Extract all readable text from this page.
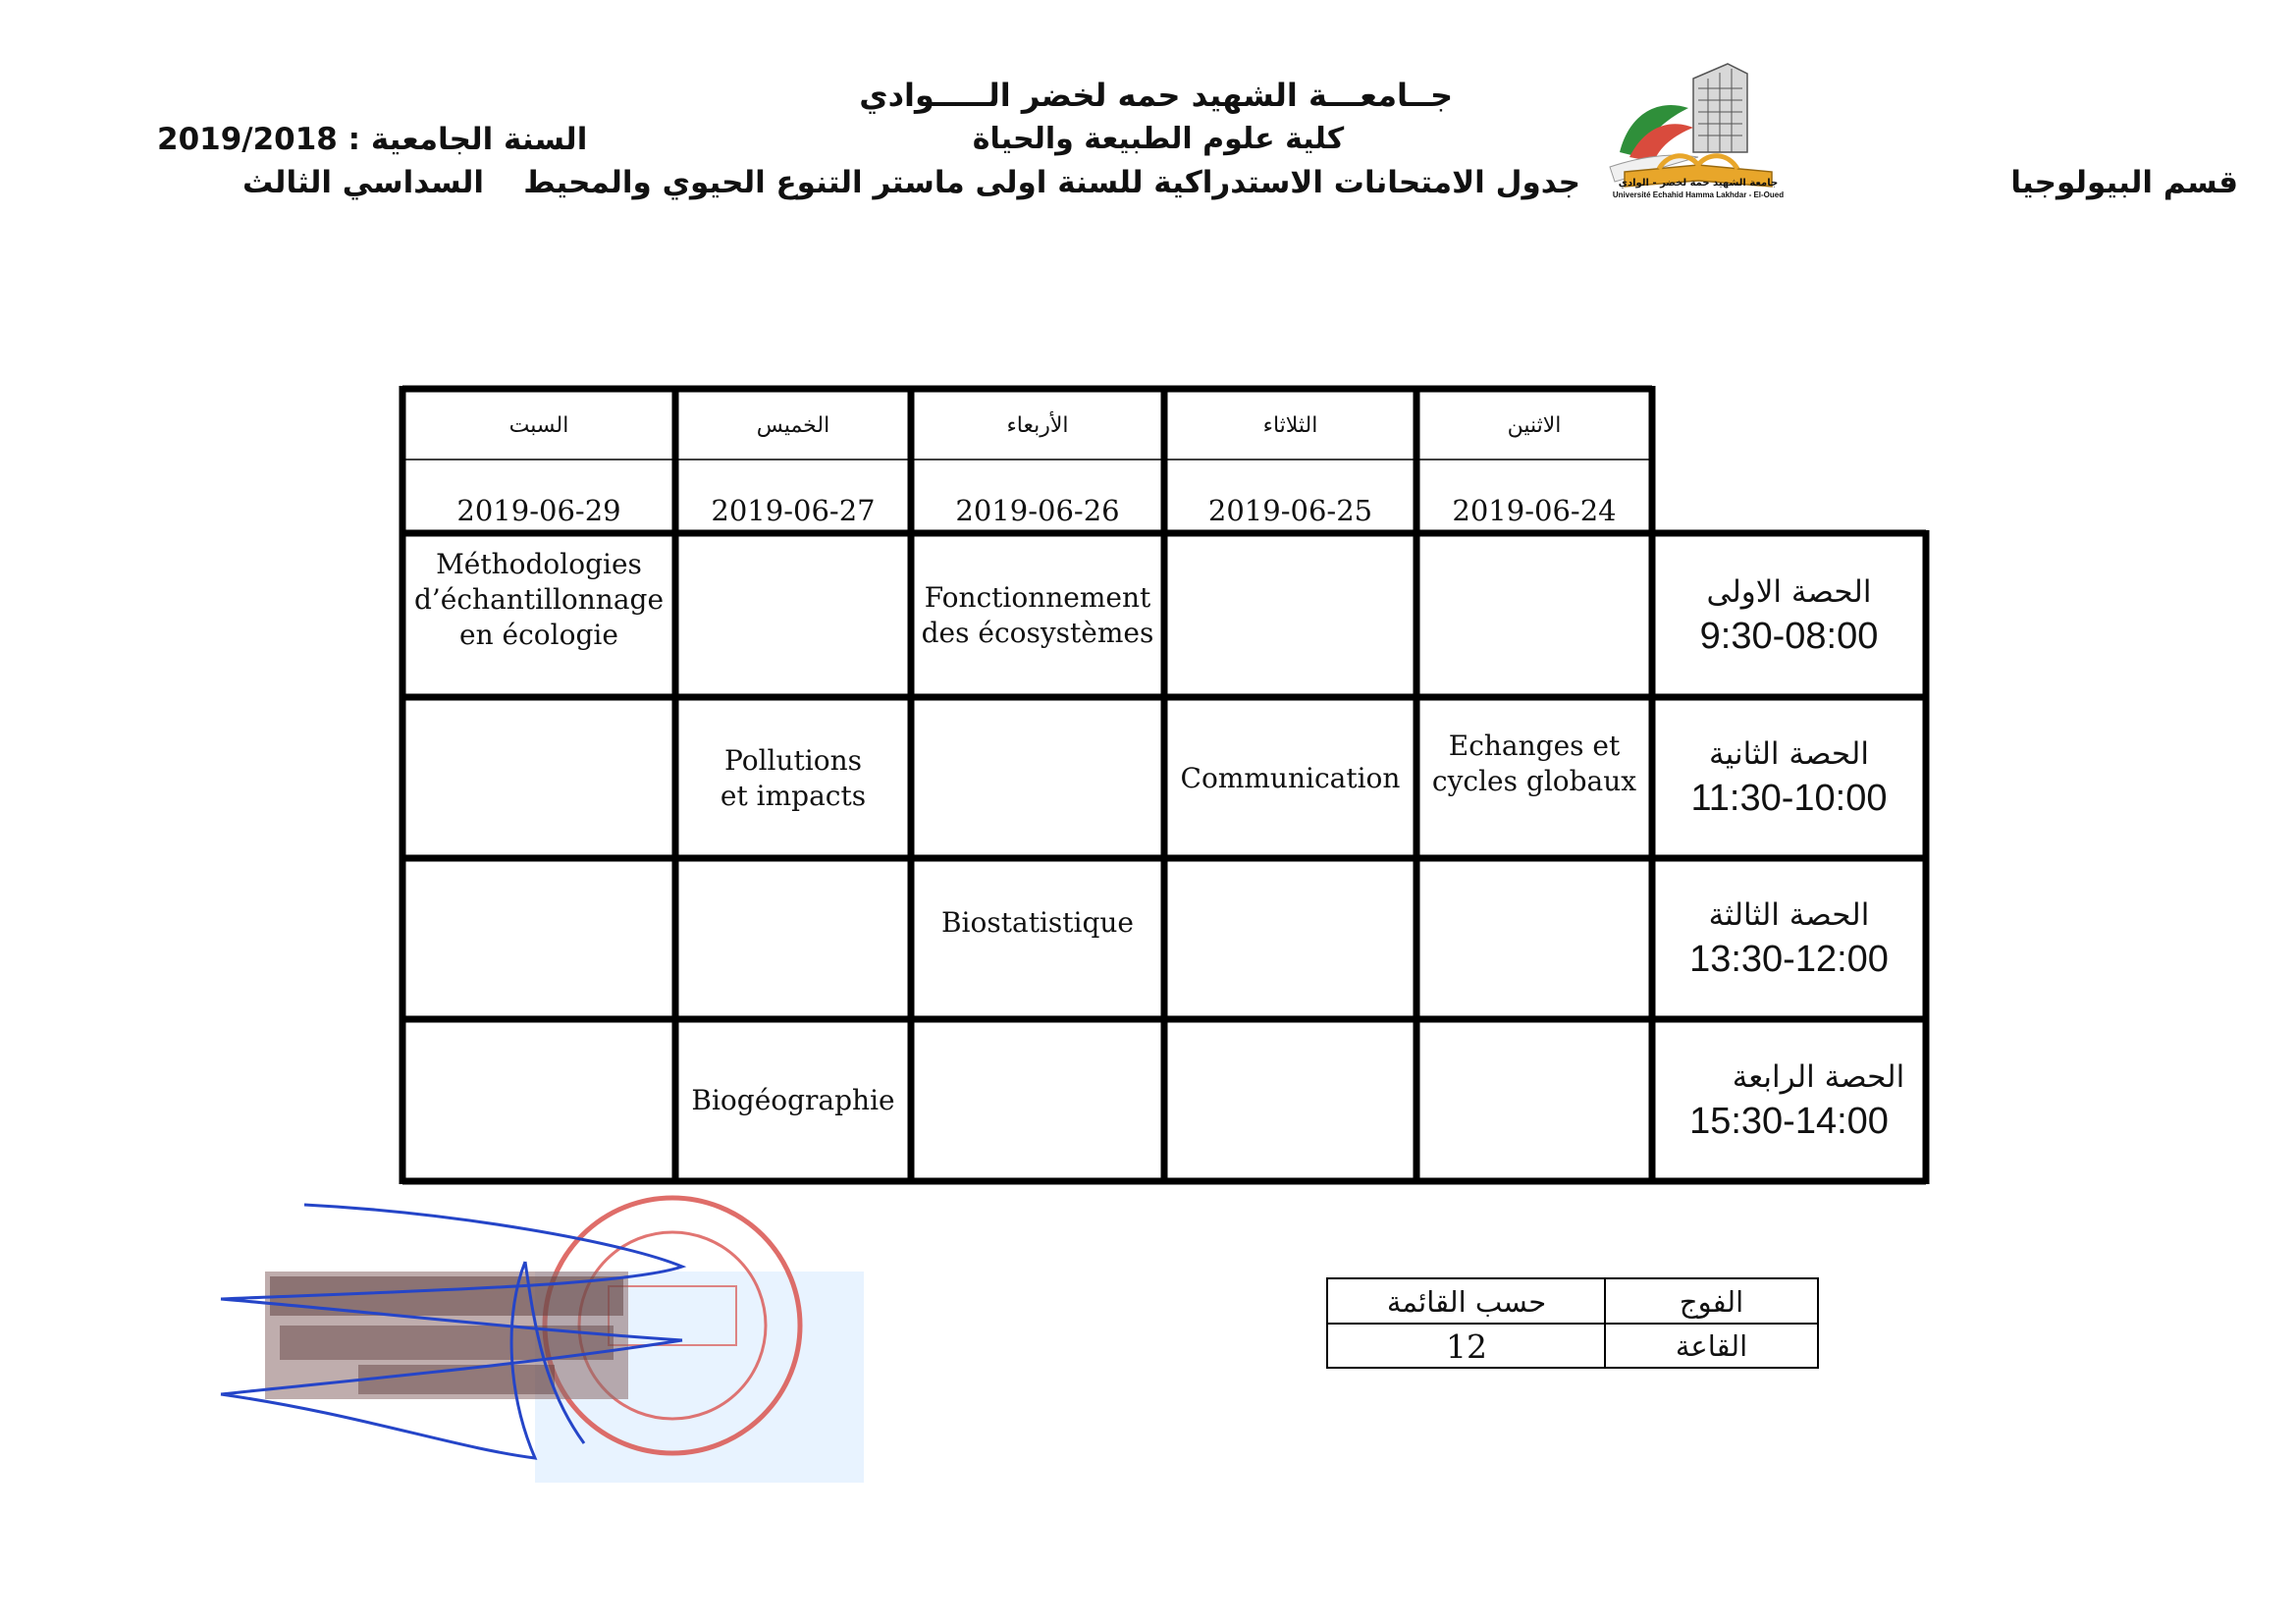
جــامعـــة الشهيد حمه لخضر الـــــوادي
كلية علوم الطبيعة والحياة
جدول الامتحانات الاستدراكية للسنة اولى ماستر التنوع الحيوي والمحيط	قسم البيولوجيا
السنة الجامعية : 2019/2018
السداسي الثالث	جامعة الشهيد حمة لخضر - الوادي
Université Echahid Hamma Lakhdar - El-Oued
الاثنين
الثلاثاء
الأربعاء
الخميس
السبت
2019-06-24
2019-06-25
2019-06-26
2019-06-27
2019-06-29
الحصة الاولى
9:30-08:00
الحصة الثانية
11:30-10:00
الحصة الثالثة
13:30-12:00
الحصة الرابعة
15:30-14:00
Méthodologies
d’échantillonnage
en écologie
Fonctionnement
des écosystèmes
Pollutions
et impacts
Communication
Echanges et
cycles globaux
Biostatistique
Biogéographie
الفوج
حسب القائمة
القاعة
12
